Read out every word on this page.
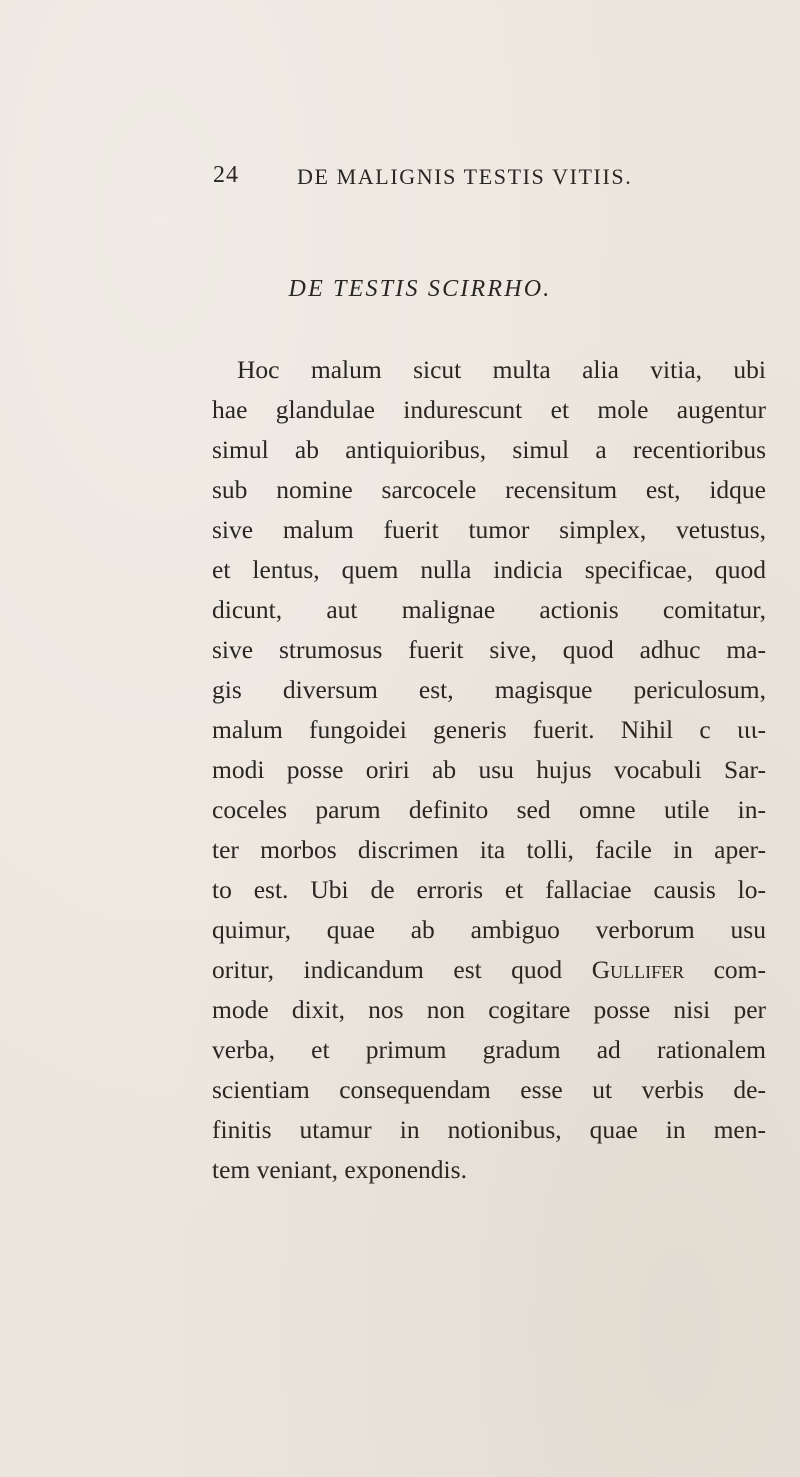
24	DE MALIGNIS TESTIS VITIIS.
DE TESTIS SCIRRHO.
Hoc malum sicut multa alia vitia, ubi
hae glandulae indurescunt et mole augentur
simul ab antiquioribus, simul a recentioribus
sub nomine sarcocele recensitum est, idque
sive malum fuerit tumor simplex, vetustus,
et lentus, quem nulla indicia specificae, quod
dicunt, aut malignae actionis comitatur,
sive strumosus fuerit sive, quod adhuc ma-
gis diversum est, magisque periculosum,
malum fungoidei generis fuerit. Nihil c ιιι-
modi posse oriri ab usu hujus vocabuli Sar-
coceles parum definito sed omne utile in-
ter morbos discrimen ita tolli, facile in aper-
to est. Ubi de erroris et fallaciae causis lo-
quimur, quae ab ambiguo verborum usu
oritur, indicandum est quod Gullifer com-
mode dixit, nos non cogitare posse nisi per
verba, et primum gradum ad rationalem
scientiam consequendam esse ut verbis de-
finitis utamur in notionibus, quae in men-
tem veniant, exponendis.
